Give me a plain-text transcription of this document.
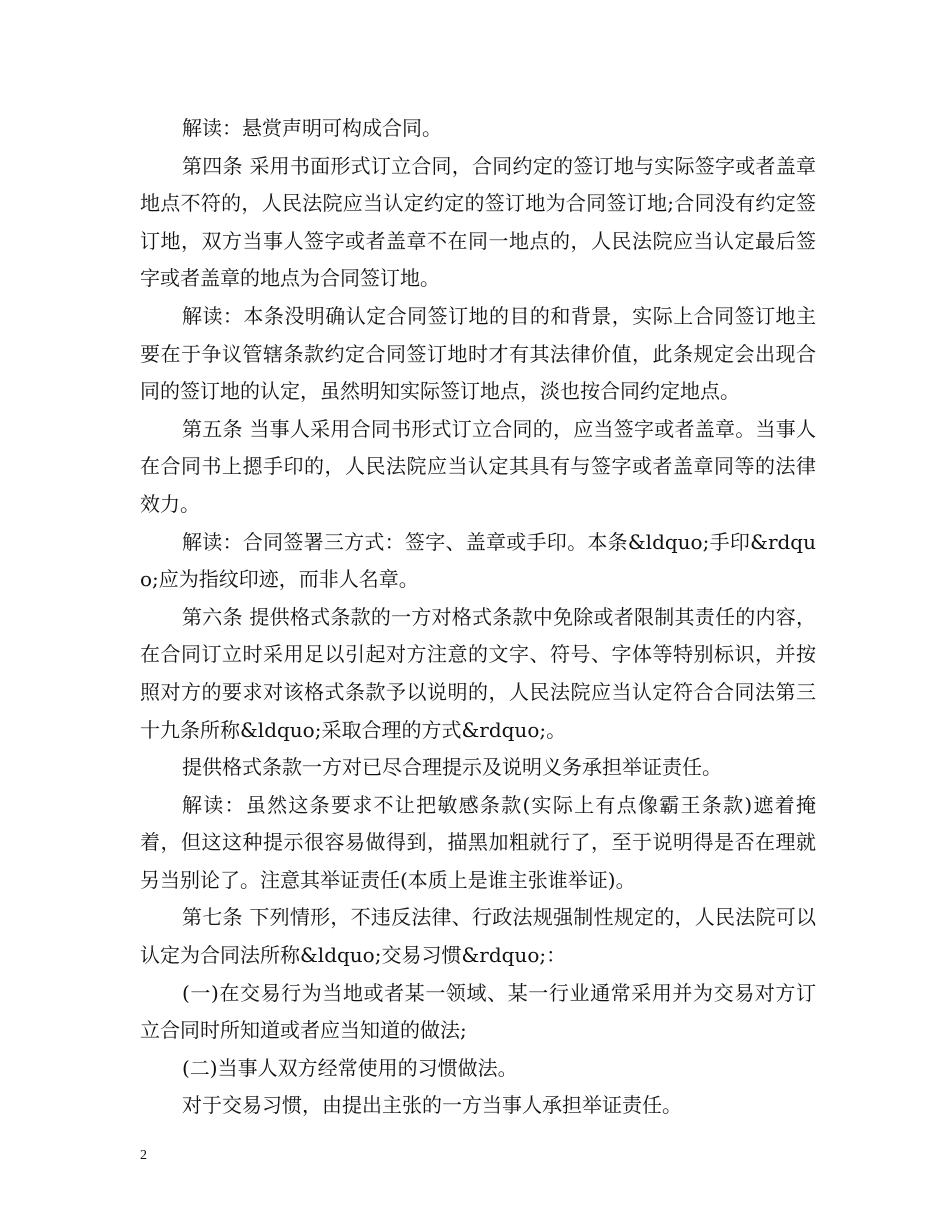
解读：悬赏声明可构成合同。

第四条 采用书面形式订立合同，合同约定的签订地与实际签字或者盖章地点不符的，人民法院应当认定约定的签订地为合同签订地;合同没有约定签订地，双方当事人签字或者盖章不在同一地点的，人民法院应当认定最后签字或者盖章的地点为合同签订地。

解读：本条没明确认定合同签订地的目的和背景，实际上合同签订地主要在于争议管辖条款约定合同签订地时才有其法律价值，此条规定会出现合同的签订地的认定，虽然明知实际签订地点，淡也按合同约定地点。

第五条 当事人采用合同书形式订立合同的，应当签字或者盖章。当事人在合同书上摁手印的，人民法院应当认定其具有与签字或者盖章同等的法律效力。

解读：合同签署三方式：签字、盖章或手印。本条&ldquo;手印&rdquo;应为指纹印迹，而非人名章。

第六条 提供格式条款的一方对格式条款中免除或者限制其责任的内容，在合同订立时采用足以引起对方注意的文字、符号、字体等特别标识，并按照对方的要求对该格式条款予以说明的，人民法院应当认定符合合同法第三十九条所称&ldquo;采取合理的方式&rdquo;。

提供格式条款一方对已尽合理提示及说明义务承担举证责任。

解读：虽然这条要求不让把敏感条款(实际上有点像霸王条款)遮着掩着，但这这种提示很容易做得到，描黑加粗就行了，至于说明得是否在理就另当别论了。注意其举证责任(本质上是谁主张谁举证)。

第七条 下列情形，不违反法律、行政法规强制性规定的，人民法院可以认定为合同法所称&ldquo;交易习惯&rdquo;：

(一)在交易行为当地或者某一领域、某一行业通常采用并为交易对方订立合同时所知道或者应当知道的做法;

(二)当事人双方经常使用的习惯做法。

对于交易习惯，由提出主张的一方当事人承担举证责任。

2
